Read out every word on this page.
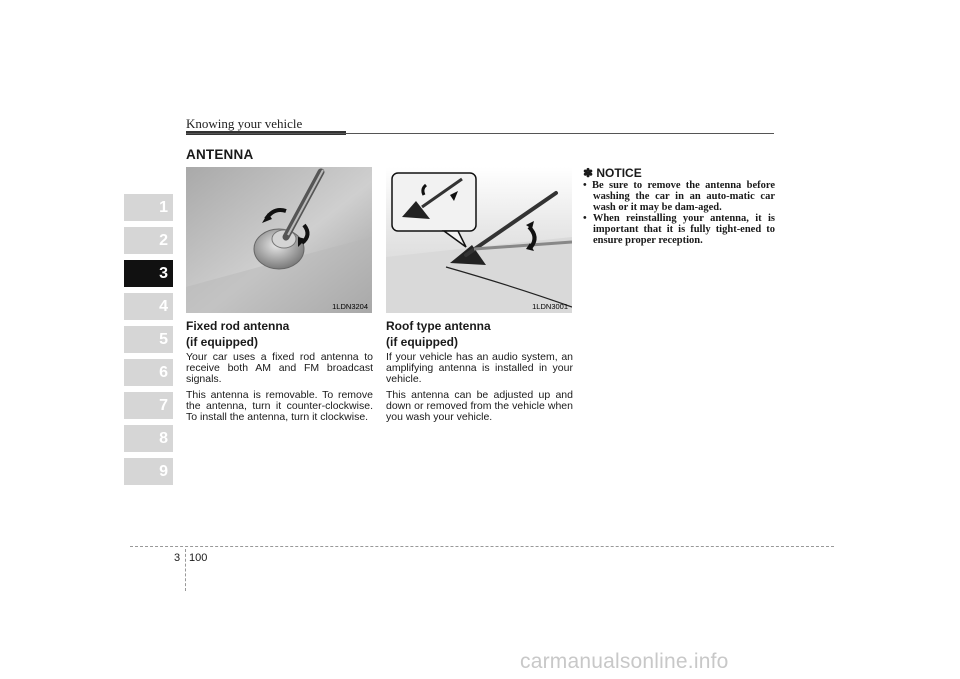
Knowing your vehicle
ANTENNA
1
2
3
4
5
6
7
8
9
1LDN3204	1LDN3001
Fixed rod antenna
(if equipped)

Your car uses a fixed rod antenna to receive both AM and FM broadcast signals.

This antenna is removable. To remove the antenna, turn it counter-clockwise. To install the antenna, turn it clockwise.

Roof type antenna
(if equipped)

If your vehicle has an audio system, an amplifying antenna is installed in your vehicle.

This antenna can be adjusted up and down or removed from the vehicle when you wash your vehicle.

✽ NOTICE
• Be sure to remove the antenna before washing the car in an auto-matic car wash or it may be dam-aged.
• When reinstalling your antenna, it is important that it is fully tight-ened to ensure proper reception.
3 100
carmanualsonline.info
